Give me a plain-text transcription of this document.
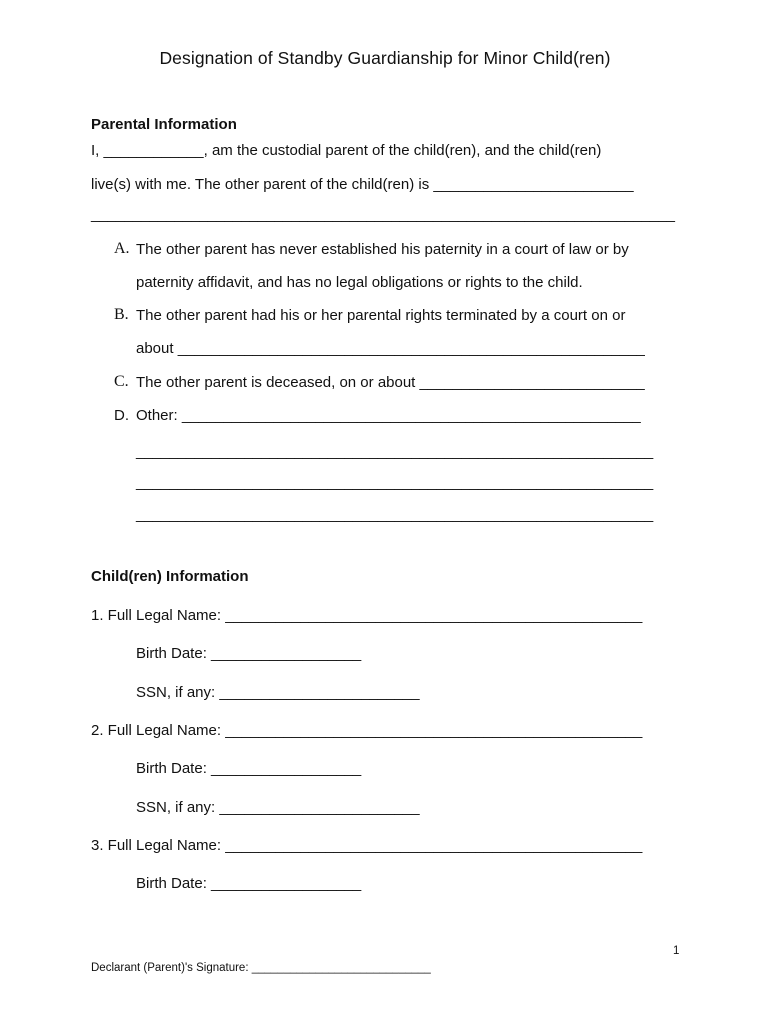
Designation of Standby Guardianship for Minor Child(ren)
Parental Information
I, ____________, am the custodial parent of the child(ren), and the child(ren)
live(s) with me. The other parent of the child(ren) is ________________________
______________________________________________________________________
A. The other parent has never established his paternity in a court of law or by
paternity affidavit, and has no legal obligations or rights to the child.
B. The other parent had his or her parental rights terminated by a court on or
about ________________________________________________________
C. The other parent is deceased, on or about ___________________________
D. Other: _______________________________________________________
______________________________________________________________
______________________________________________________________
______________________________________________________________
Child(ren) Information
1. Full Legal Name: __________________________________________________
Birth Date: __________________
SSN, if any: ________________________
2. Full Legal Name: __________________________________________________
Birth Date: __________________
SSN, if any: ________________________
3. Full Legal Name: __________________________________________________
Birth Date: __________________
1
Declarant (Parent)'s Signature: ____________________________
